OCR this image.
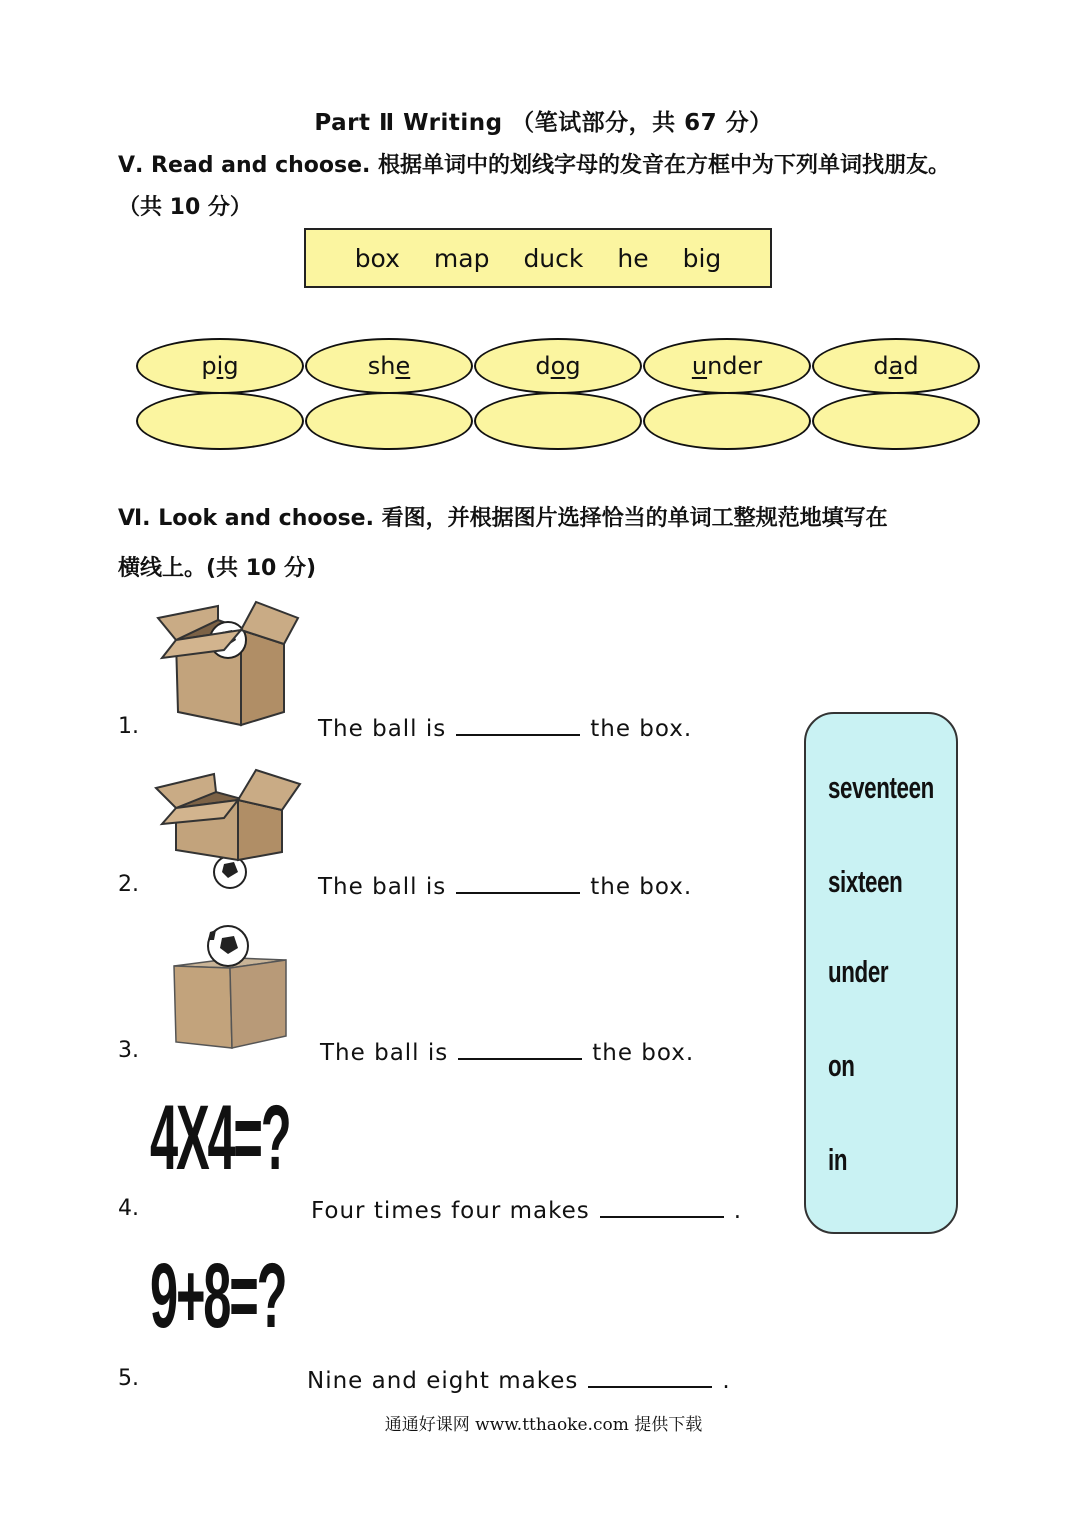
Part Ⅱ Writing （笔试部分，共 67 分）
Ⅴ. Read and choose. 根据单词中的划线字母的发音在方框中为下列单词找朋友。（共 10 分）
box map duck he big
p i g	sh e	d o g	u nder	d a d
Ⅵ. Look and choose. 看图，并根据图片选择恰当的单词工整规范地填写在
横线上。(共 10 分)
4X4=?
9+8=?
1.	The ball is	the box.
2.	The ball is	the box.
3.	The ball is	the box.
4.	Four times four makes	.
5.	Nine and eight makes	.
seventeen
sixteen
under
on
in
通通好课网 www.tthaoke.com 提供下载
